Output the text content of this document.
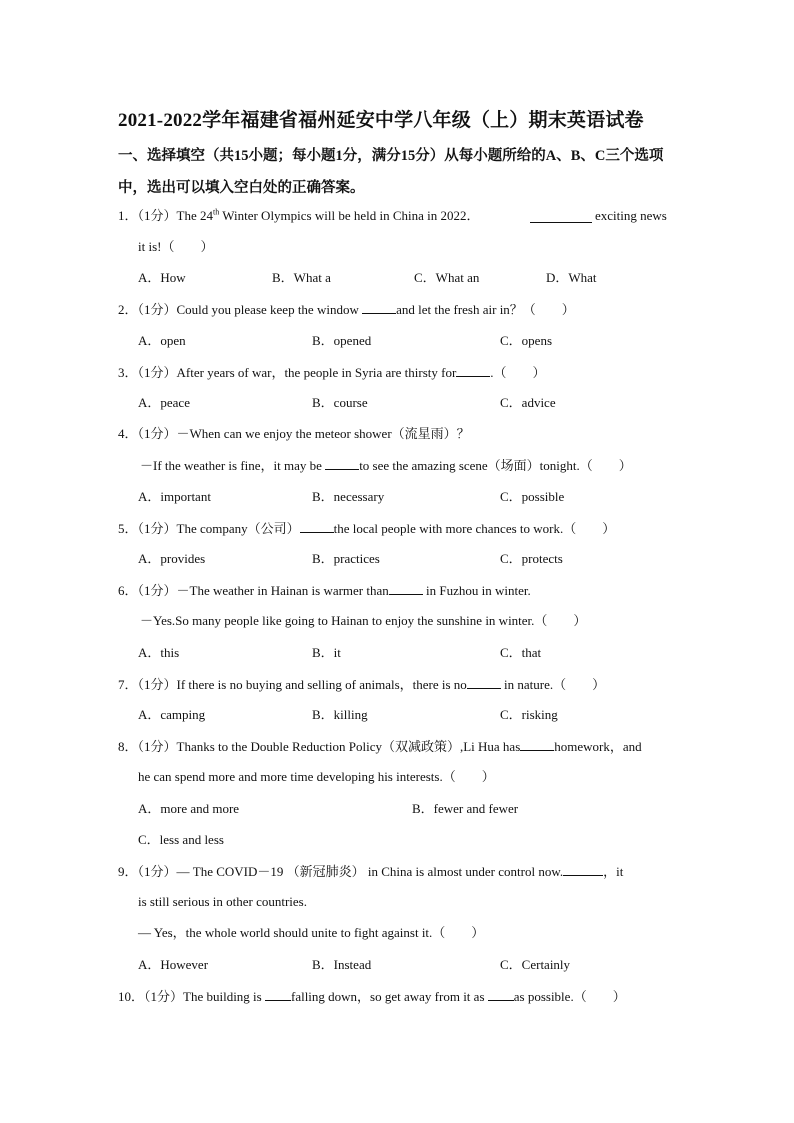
2021-2022学年福建省福州延安中学八年级（上）期末英语试卷
一、选择填空（共15小题；每小题1分，满分15分）从每小题所给的A、B、C三个选项
中，选出可以填入空白处的正确答案。
1．（1分）The 24th Winter Olympics will be held in China in 2022．	exciting news
it is!（　　）
A．How	B．What a	C．What an	D．What
2．（1分）Could you please keep the window	and let the fresh air in？（　　）
A．open	B．opened	C．opens
3．（1分）After years of war，the people in Syria are thirsty for	.（　　）
A．peace	B．course	C．advice
4．（1分）－When can we enjoy the meteor shower（流星雨）？
－If the weather is fine，it may be	to see the amazing scene（场面）tonight.（　　）
A．important	B．necessary	C．possible
5．（1分）The company（公司）	the local people with more chances to work.（　　）
A．provides	B．practices	C．protects
6．（1分）－The weather in Hainan is warmer than	in Fuzhou in winter.
－Yes.So many people like going to Hainan to enjoy the sunshine in winter.（　　）
A．this	B．it	C．that
7．（1分）If there is no buying and selling of animals，there is no	in nature.（　　）
A．camping	B．killing	C．risking
8．（1分）Thanks to the Double Reduction Policy（双减政策）,Li Hua has	homework，and
he can spend more and more time developing his interests.（　　）
A．more and more	B．fewer and fewer
C．less and less
9．（1分）— The COVID－19 （新冠肺炎） in China is almost under control now.	，it
is still serious in other countries.
— Yes，the whole world should unite to fight against it.（　　）
A．However	B．Instead	C．Certainly
10．（1分）The building is falling down，so get away from it as as possible.（　　）
